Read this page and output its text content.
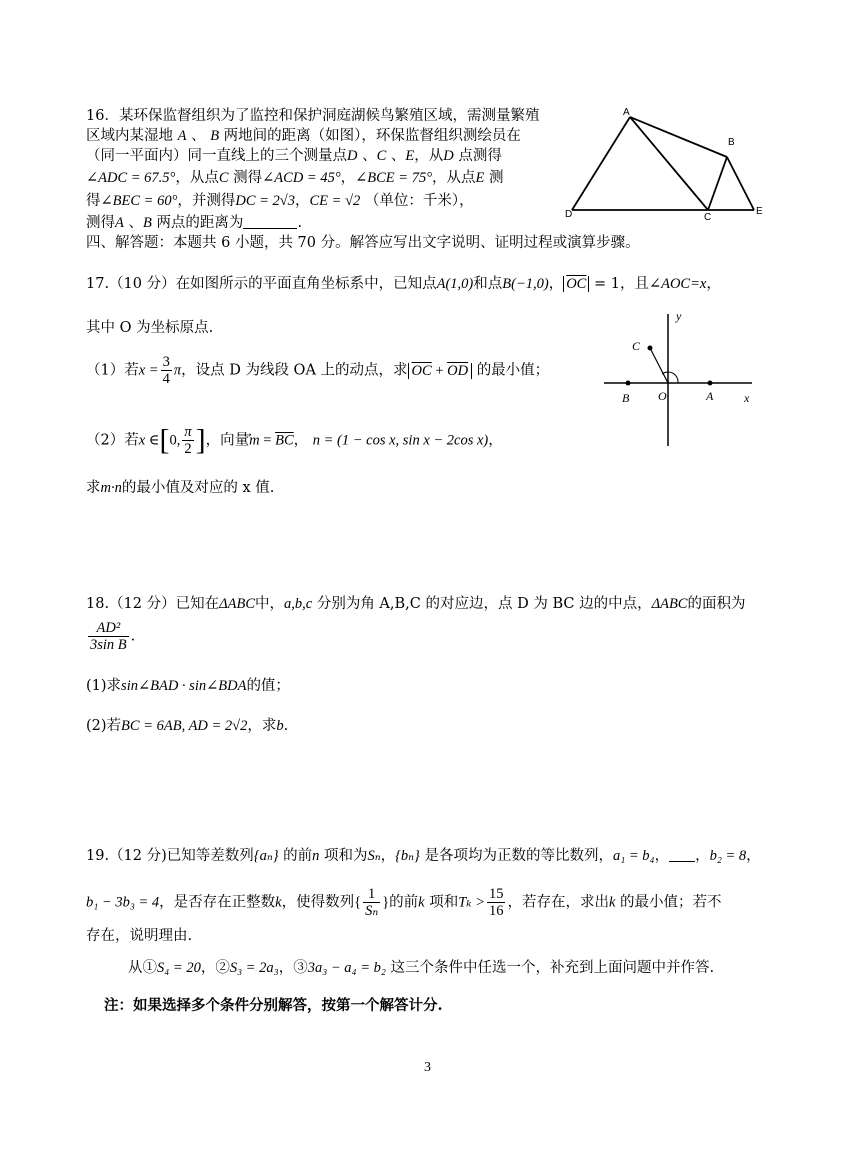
16．某环保监督组织为了监控和保护洞庭湖候鸟繁殖区域，需测量繁殖
区域内某湿地 A 、 B 两地间的距离（如图），环保监督组织测绘员在
（同一平面内）同一直线上的三个测量点D 、C 、E，从D 点测得
∠ADC = 67.5°，从点C 测得∠ACD = 45°，∠BCE = 75°，从点E 测
得∠BEC = 60°，并测得DC = 2√3，CE = √2 （单位：千米），
测得A 、B 两点的距离为	.
A
B
D	C
E
四、解答题：本题共 6 小题，共 70 分。解答应写出文字说明、证明过程或演算步骤。
17.（10 分）在如图所示的平面直角坐标系中，已知点A(1,0)和点B(−1,0)， $\overline{OC} = 1$，且∠AOC=x，
其中 O 为坐标原点.
（1）若$x = \frac{3}{4}$ π，设点 D 为线段 OA 上的动点，求 $\overline{OC} + \overline{OD}$ 的最小值；
（2）若x ∈[0, $\frac{\pi}{2}$ ]，向量$m = \overline{BC}$， n = (1 − cos x, sin x − 2cos x)，
求m·n的最小值及对应的 x 值.
y
C
B O	A	x
18.（12 分）已知在ΔABC中，a,b,c 分别为角 A,B,C 的对应边，点 D 为 BC 边的中点，ΔABC的面积为
$\frac{\text{AD²}}{\text{3sin B}}$ .
(1)求sin∠BAD · sin∠BDA的值；
(2)若BC = 6AB, AD = 2√2，求b.
19.（12 分)已知等差数列{aₙ} 的前n 项和为Sₙ，{bₙ} 是各项均为正数的等比数列，a₁ = b₄， ，b₂ = 8，
b₁ − 3b₃ = 4，是否存在正整数k，使得数列{ $\frac{1}{\text{Sₙ}}$ }的前k 项和$T_k > \frac{15}{16}$ ，若存在，求出k 的最小值；若不
存在，说明理由.
从①S₄ = 20，②S₃ = 2a₃，③3a₃ − a₄ = b₂ 这三个条件中任选一个，补充到上面问题中并作答.
注：如果选择多个条件分别解答，按第一个解答计分.
3
